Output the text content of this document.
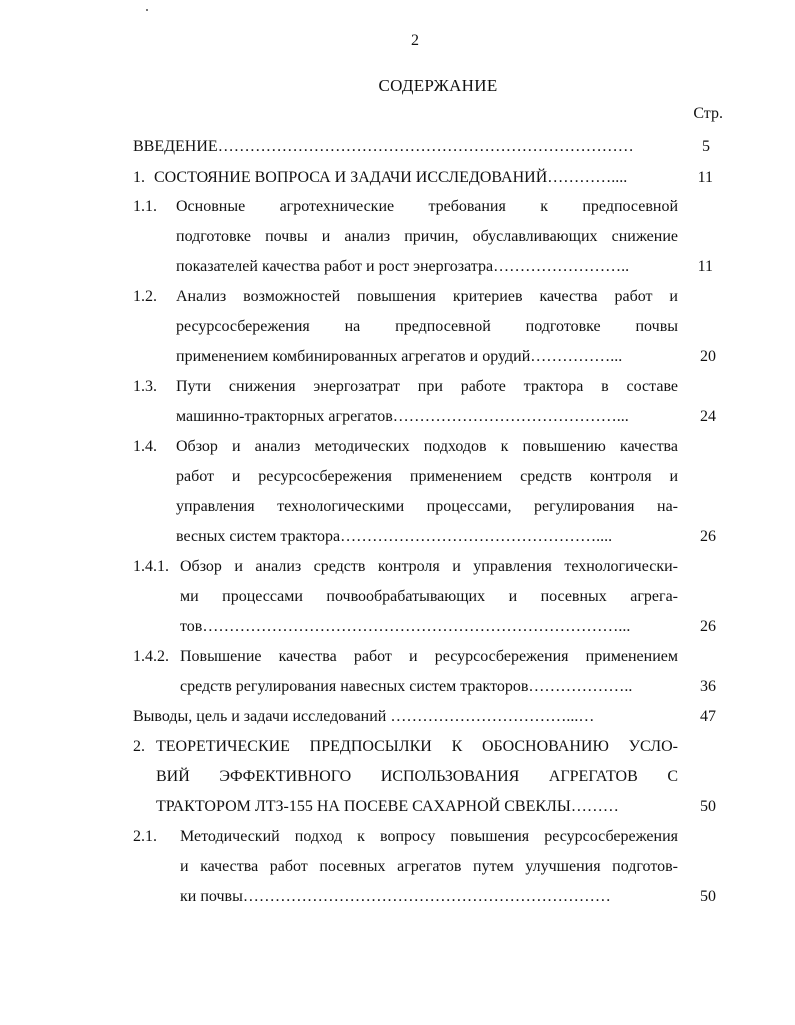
2
СОДЕРЖАНИЕ
Стр.
ВВЕДЕНИЕ……………………………………………………………………	5
1. СОСТОЯНИЕ ВОПРОСА И ЗАДАЧИ ИССЛЕДОВАНИЙ…………....	11
1.1. Основные агротехнические требования к предпосевной
подготовке почвы и анализ причин, обуславливающих снижение
показателей качества работ и рост энергозатра……………………..	11
1.2. Анализ возможностей повышения критериев качества работ и
ресурсосбережения на предпосевной подготовке почвы
применением комбинированных агрегатов и орудий……………...	20
1.3. Пути снижения энергозатрат при работе трактора в составе
машинно-тракторных агрегатов……………………………………...	24
1.4. Обзор и анализ методических подходов к повышению качества
работ и ресурсосбережения применением средств контроля и
управления технологическими процессами, регулирования на-
весных систем трактора…………………………………………....	26
1.4.1. Обзор и анализ средств контроля и управления технологически-
ми процессами почвообрабатывающих и посевных агрега-
тов……………………………………………………………………...	26
1.4.2. Повышение качества работ и ресурсосбережения применением
средств регулирования навесных систем тракторов………………..	36
Выводы, цель и задачи исследований ……………………………...…	47
2. ТЕОРЕТИЧЕСКИЕ ПРЕДПОСЫЛКИ К ОБОСНОВАНИЮ УСЛО-
ВИЙ ЭФФЕКТИВНОГО ИСПОЛЬЗОВАНИЯ АГРЕГАТОВ С
ТРАКТОРОМ ЛТЗ-155 НА ПОСЕВЕ САХАРНОЙ СВЕКЛЫ………	50
2.1. Методический подход к вопросу повышения ресурсосбережения
и качества работ посевных агрегатов путем улучшения подготов-
ки почвы……………………………………………………………	50
